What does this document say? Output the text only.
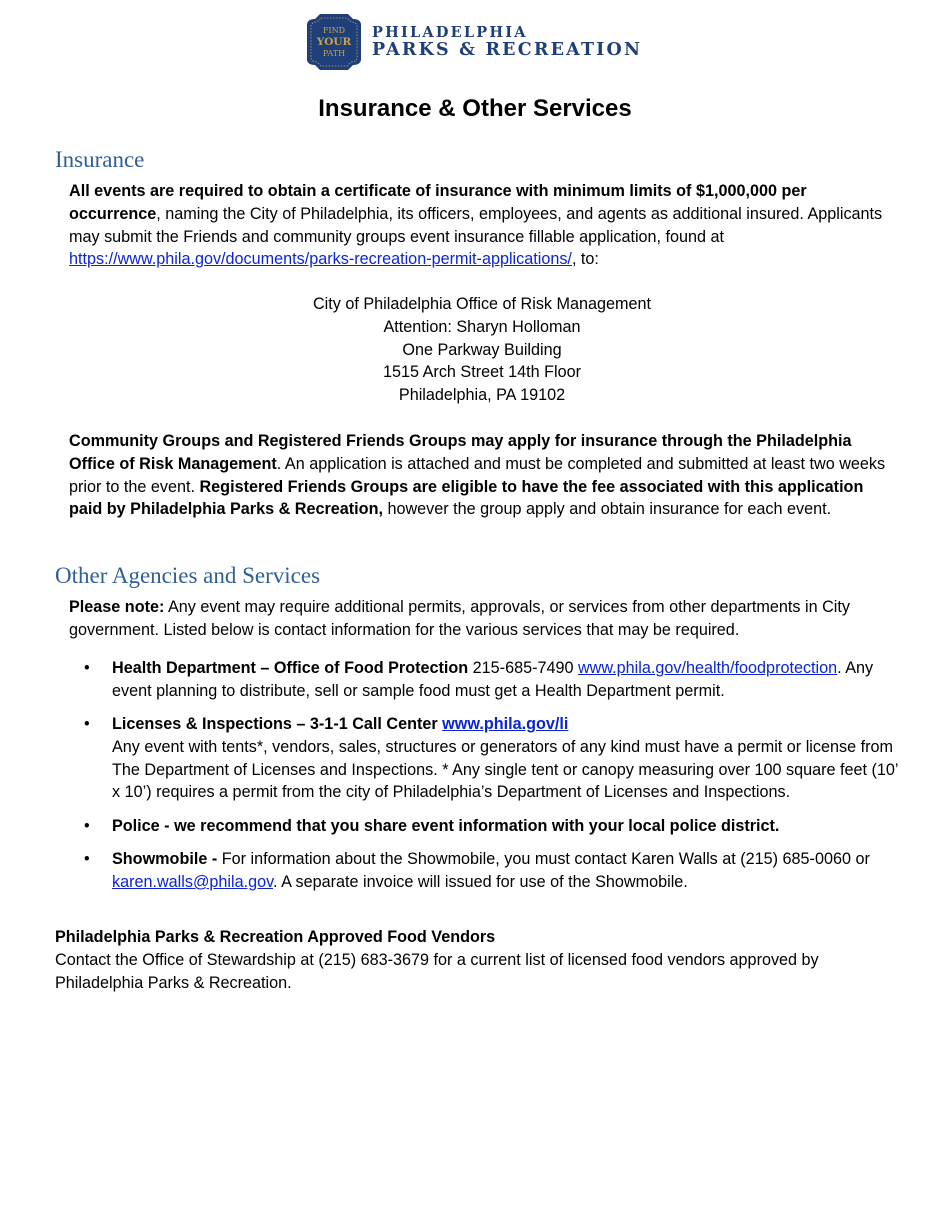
FIND
YOUR
PATH
PHILADELPHIA
PARKS & RECREATION
Insurance & Other Services
Insurance

All events are required to obtain a certificate of insurance with minimum limits of $1,000,000 per occurrence, naming the City of Philadelphia, its officers, employees, and agents as additional insured. Applicants may submit the Friends and community groups event insurance fillable application, found at https://www.phila.gov/documents/parks-recreation-permit-applications/, to:

City of Philadelphia Office of Risk Management
Attention: Sharyn Holloman
One Parkway Building
1515 Arch Street 14th Floor
Philadelphia, PA 19102

Community Groups and Registered Friends Groups may apply for insurance through the Philadelphia Office of Risk Management. An application is attached and must be completed and submitted at least two weeks prior to the event. Registered Friends Groups are eligible to have the fee associated with this application paid by Philadelphia Parks & Recreation, however the group apply and obtain insurance for each event.

Other Agencies and Services

Please note: Any event may require additional permits, approvals, or services from other departments in City government. Listed below is contact information for the various services that may be required.

• Health Department – Office of Food Protection 215-685-7490 www.phila.gov/health/foodprotection. Any event planning to distribute, sell or sample food must get a Health Department permit.
• Licenses & Inspections – 3-1-1 Call Center www.phila.gov/li
Any event with tents*, vendors, sales, structures or generators of any kind must have a permit or license from The Department of Licenses and Inspections. * Any single tent or canopy measuring over 100 square feet (10’ x 10’) requires a permit from the city of Philadelphia’s Department of Licenses and Inspections.
• Police - we recommend that you share event information with your local police district.
• Showmobile - For information about the Showmobile, you must contact Karen Walls at (215) 685-0060 or karen.walls@phila.gov. A separate invoice will issued for use of the Showmobile.
Philadelphia Parks & Recreation Approved Food Vendors
Contact the Office of Stewardship at (215) 683-3679 for a current list of licensed food vendors approved by Philadelphia Parks & Recreation.
